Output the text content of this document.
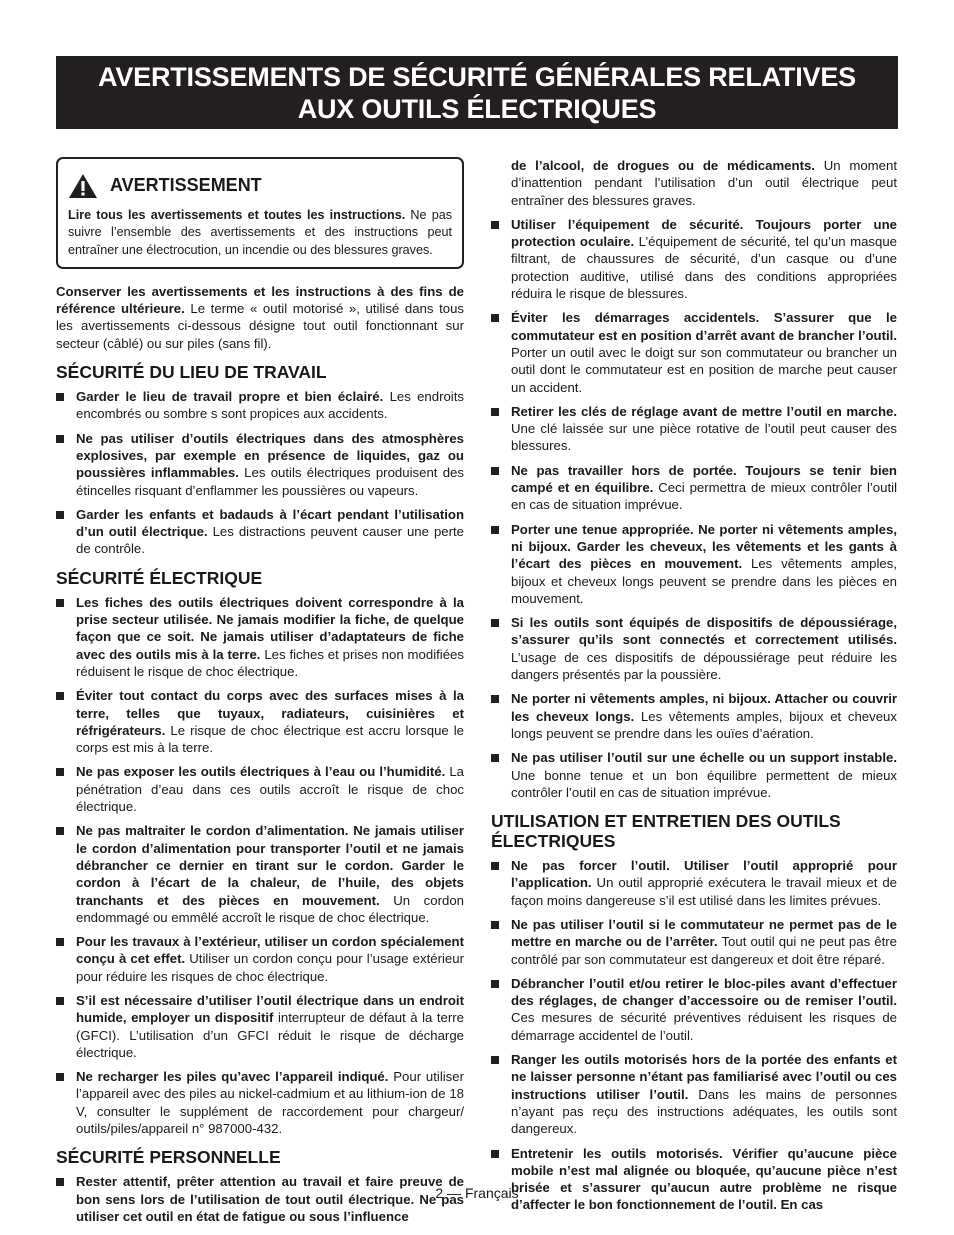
AVERTISSEMENTS DE SÉCURITÉ GÉNÉRALES RELATIVES
AUX OUTILS ÉLECTRIQUES
AVERTISSEMENT
Lire tous les avertissements et toutes les instructions. Ne pas suivre l’ensemble des avertissements et des instructions peut entraîner une électrocution, un incendie ou des blessures graves.

Conserver les avertissements et les instructions à des fins de référence ultérieure. Le terme « outil motorisé », utilisé dans tous les avertissements ci-dessous désigne tout outil fonctionnant sur secteur (câblé) ou sur piles (sans fil).

SÉCURITÉ DU LIEU DE TRAVAIL
Garder le lieu de travail propre et bien éclairé. Les endroits encombrés ou sombre s sont propices aux accidents.
Ne pas utiliser d’outils électriques dans des atmosphères explosives, par exemple en présence de liquides, gaz ou poussières inflammables. Les outils électriques produisent des étincelles risquant d’enflammer les poussières ou vapeurs.
Garder les enfants et badauds à l’écart pendant l’utilisation d’un outil électrique. Les distractions peuvent causer une perte de contrôle.
SÉCURITÉ ÉLECTRIQUE
Les fiches des outils électriques doivent correspondre à la prise secteur utilisée. Ne jamais modifier la fiche, de quelque façon que ce soit. Ne jamais utiliser d’adaptateurs de fiche avec des outils mis à la terre. Les fiches et prises non modifiées réduisent le risque de choc électrique.
Éviter tout contact du corps avec des surfaces mises à la terre, telles que tuyaux, radiateurs, cuisinières et réfrigérateurs. Le risque de choc électrique est accru lorsque le corps est mis à la terre.
Ne pas exposer les outils électriques à l’eau ou l’humidité. La pénétration d’eau dans ces outils accroît le risque de choc électrique.
Ne pas maltraiter le cordon d’alimentation. Ne jamais utiliser le cordon d’alimentation pour transporter l’outil et ne jamais débrancher ce dernier en tirant sur le cordon. Garder le cordon à l’écart de la chaleur, de l’huile, des objets tranchants et des pièces en mouvement. Un cordon endommagé ou emmêlé accroît le risque de choc électrique.
Pour les travaux à l’extérieur, utiliser un cordon spécialement conçu à cet effet. Utiliser un cordon conçu pour l’usage extérieur pour réduire les risques de choc électrique.
S’il est nécessaire d’utiliser l’outil électrique dans un endroit humide, employer un dispositif interrupteur de défaut à la terre (GFCI). L’utilisation d’un GFCI réduit le risque de décharge électrique.
Ne recharger les piles qu’avec l’appareil indiqué. Pour utiliser l’appareil avec des piles au nickel-cadmium et au lithium-ion de 18 V, consulter le supplément de raccordement pour chargeur/ outils/piles/appareil n° 987000-432.
SÉCURITÉ PERSONNELLE
Rester attentif, prêter attention au travail et faire preuve de bon sens lors de l’utilisation de tout outil électrique. Ne pas utiliser cet outil en état de fatigue ou sous l’influence
de l’alcool, de drogues ou de médicaments. Un moment d’inattention pendant l’utilisation d’un outil électrique peut entraîner des blessures graves.
Utiliser l’équipement de sécurité. Toujours porter une protection oculaire. L’équipement de sécurité, tel qu’un masque filtrant, de chaussures de sécurité, d’un casque ou d’une protection auditive, utilisé dans des conditions appropriées réduira le risque de blessures.
Éviter les démarrages accidentels. S’assurer que le commutateur est en position d’arrêt avant de brancher l’outil. Porter un outil avec le doigt sur son commutateur ou brancher un outil dont le commutateur est en position de marche peut causer un accident.
Retirer les clés de réglage avant de mettre l’outil en marche. Une clé laissée sur une pièce rotative de l’outil peut causer des blessures.
Ne pas travailler hors de portée. Toujours se tenir bien campé et en équilibre. Ceci permettra de mieux contrôler l’outil en cas de situation imprévue.
Porter une tenue appropriée. Ne porter ni vêtements amples, ni bijoux. Garder les cheveux, les vêtements et les gants à l’écart des pièces en mouvement. Les vêtements amples, bijoux et cheveux longs peuvent se prendre dans les pièces en mouvement.
Si les outils sont équipés de dispositifs de dépoussiérage, s’assurer qu’ils sont connectés et correctement utilisés. L’usage de ces dispositifs de dépoussiérage peut réduire les dangers présentés par la poussière.
Ne porter ni vêtements amples, ni bijoux. Attacher ou couvrir les cheveux longs. Les vêtements amples, bijoux et cheveux longs peuvent se prendre dans les ouïes d’aération.
Ne pas utiliser l’outil sur une échelle ou un support instable. Une bonne tenue et un bon équilibre permettent de mieux contrôler l’outil en cas de situation imprévue.
UTILISATION ET ENTRETIEN DES OUTILS ÉLECTRIQUES
Ne pas forcer l’outil. Utiliser l’outil approprié pour l’application. Un outil approprié exécutera le travail mieux et de façon moins dangereuse s’il est utilisé dans les limites prévues.
Ne pas utiliser l’outil si le commutateur ne permet pas de le mettre en marche ou de l’arrêter. Tout outil qui ne peut pas être contrôlé par son commutateur est dangereux et doit être réparé.
Débrancher l’outil et/ou retirer le bloc-piles avant d’effectuer des réglages, de changer d’accessoire ou de remiser l’outil. Ces mesures de sécurité préventives réduisent les risques de démarrage accidentel de l’outil.
Ranger les outils motorisés hors de la portée des enfants et ne laisser personne n’étant pas familiarisé avec l’outil ou ces instructions utiliser l’outil. Dans les mains de personnes n’ayant pas reçu des instructions adéquates, les outils sont dangereux.
Entretenir les outils motorisés. Vérifier qu’aucune pièce mobile n’est mal alignée ou bloquée, qu’aucune pièce n’est brisée et s’assurer qu’aucun autre problème ne risque d’affecter le bon fonctionnement de l’outil. En cas
2 — Français
